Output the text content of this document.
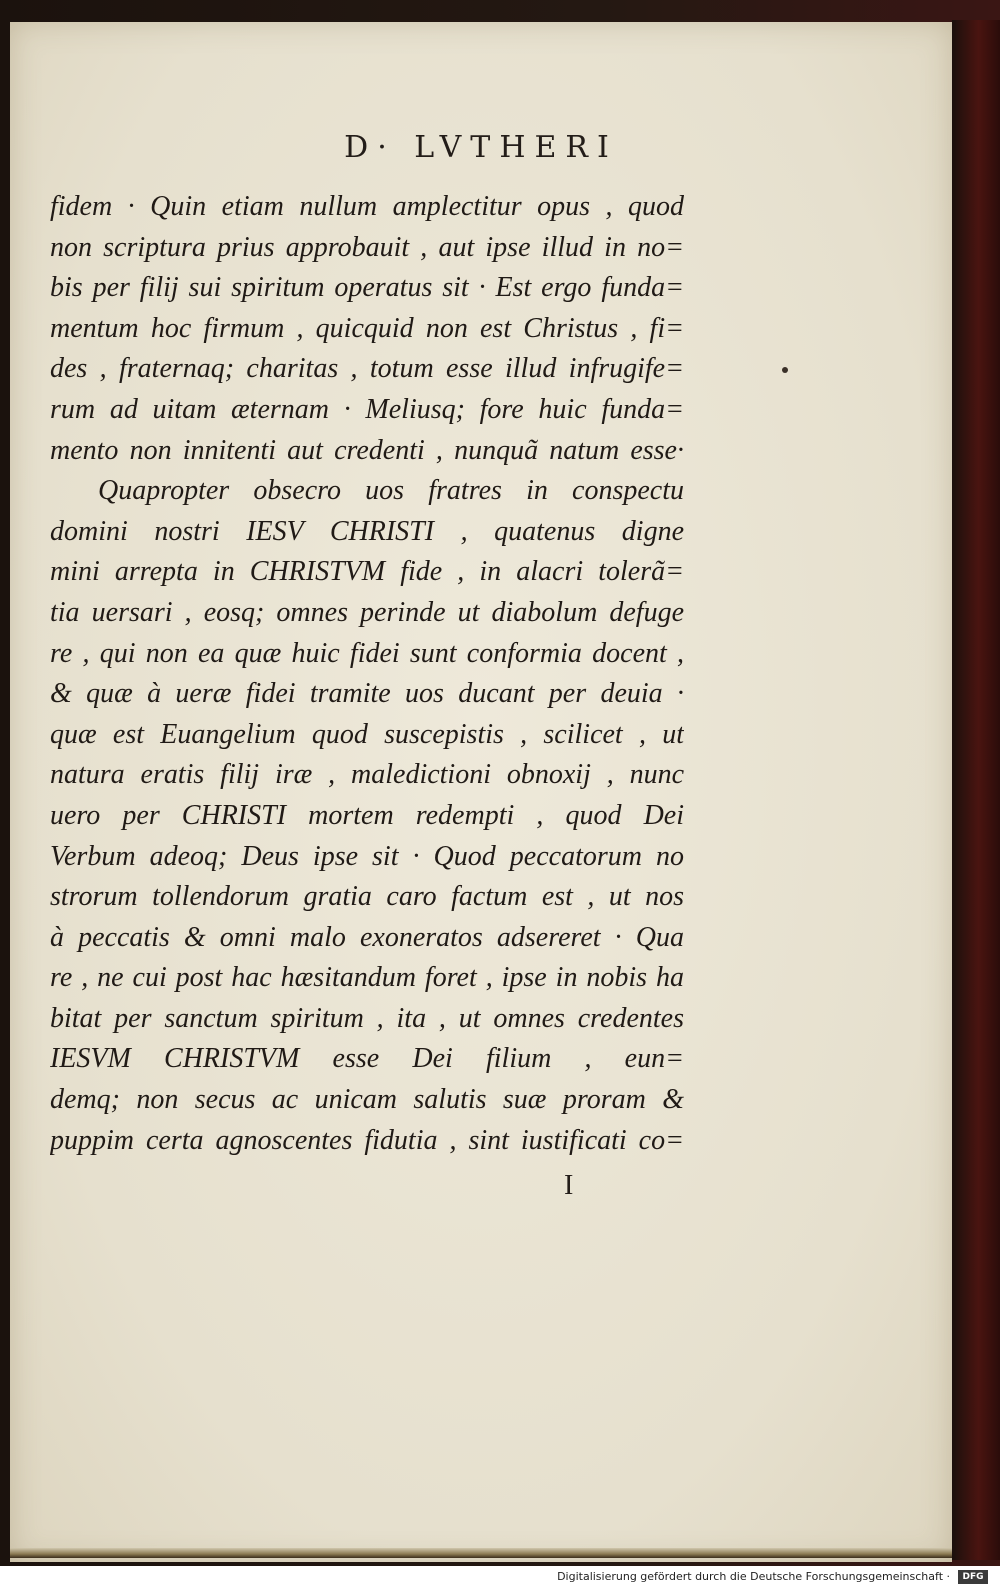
D· LVTHERI
fidem · Quin etiam nullum amplectitur opus , quod
non scriptura prius approbauit , aut ipse illud in no=
bis per filij sui spiritum operatus sit · Est ergo funda=
mentum hoc firmum , quicquid non est Christus , fi=
des , fraternaq; charitas , totum esse illud infrugife=
rum ad uitam æternam · Meliusq; fore huic funda=
mento non innitenti aut credenti , nunquã natum esse·
Quapropter obsecro uos fratres in conspectu
domini nostri IESV CHRISTI , quatenus digne
mini arrepta in CHRISTVM fide , in alacri tolerã=
tia uersari , eosq; omnes perinde ut diabolum defuge
re , qui non ea quæ huic fidei sunt conformia docent ,
& quæ à ueræ fidei tramite uos ducant per deuia ·
quæ est Euangelium quod suscepistis , scilicet , ut
natura eratis filij iræ , maledictioni obnoxij , nunc
uero per CHRISTI mortem redempti , quod Dei
Verbum adeoq; Deus ipse sit · Quod peccatorum no
strorum tollendorum gratia caro factum est , ut nos
à peccatis & omni malo exoneratos adsereret · Qua
re , ne cui post hac hæsitandum foret , ipse in nobis ha
bitat per sanctum spiritum , ita , ut omnes credentes
IESVM CHRISTVM esse Dei filium , eun=
demq; non secus ac unicam salutis suæ proram &
puppim certa agnoscentes fidutia , sint iustificati co=
I
Digitalisierung gefördert durch die Deutsche Forschungsgemeinschaft ·	DFG
